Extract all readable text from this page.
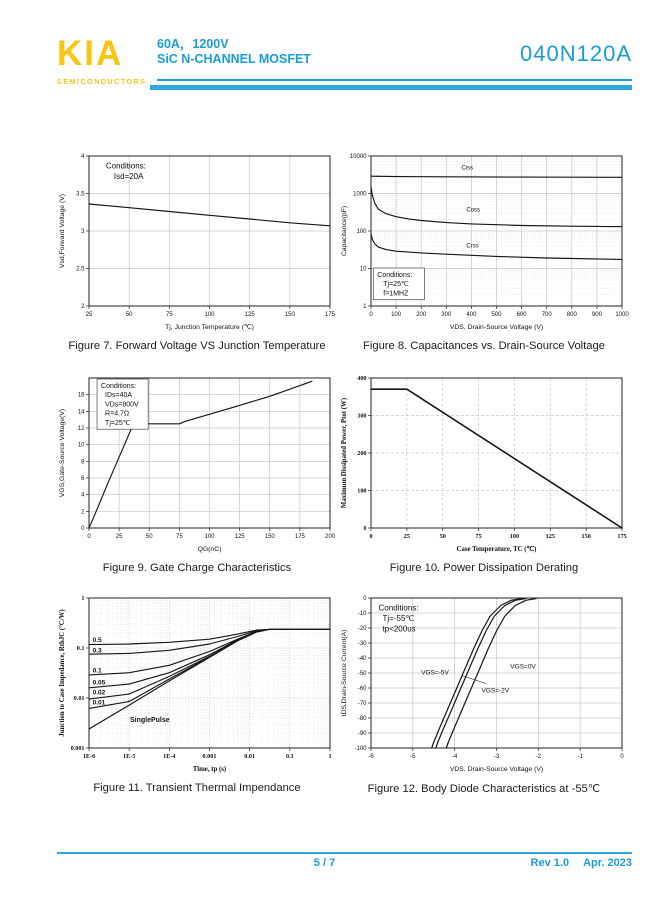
KIA
SEMICONDUCTORS
60A，1200V
SiC N-CHANNEL MOSFET	040N120A
25	50	75	100	125	150	175
2
2.5
3
3.5
4
Conditions:
Isd=20A
Tj, Junction Temperature (℃)
Vsd,Forward Voltage (V)
Figure 7. Forward Voltage VS Junction Temperature
0	100	200	300	400	500	600	700	800	900 1000
1
10
100
1000
10000
Ciss
Coss
Crss
Conditions:
Tj=25℃
f=1MHZ
VDS, Drain-Source Voltage (V)
Capacitance(pF)
Figure 8. Capacitances vs. Drain-Source Voltage
0	25	50	75	100	125	150	175	200
0
2
4
6
8
10
12
14
16
Conditions:
IDs=40A
VDs=800V
R=4.7Ω
Tj=25℃
QG(nC)
VGS,Gate-Source Voltage(V)
Figure 9. Gate Charge Characteristics
0	25	50	75	100	125	150	175
0
100
200
300
400
Case Temperature, TC (℃)
Maximum Dissipated Power, Ptot (W)
Figure 10. Power Dissipation Derating
1E-6	1E-5	1E-4	0.001	0.01	0.1	1
0.001
0.01
0.1
1
0.5
0.3
0.1
0.05
0.02
0.01
SinglePulse
Time, tp (s)
Junction to Case Impedance, RthJC (°C/W)
Figure 11. Transient Thermal Impendance
-6	-5	-4	-3	-2	-1	0
-100
-90
-80
-70
-60
-50
-40
-30
-20
-10
0
Conditions:
Tj=-55℃
tp<200us
VGS=-5V
VGS=0V
VGS=-2V
VDS, Drain-Source Voltage (V)
IDS,Drain-Source Current(A)
Figure 12. Body Diode Characteristics at -55℃
5 / 7	Rev 1.0 Apr. 2023
